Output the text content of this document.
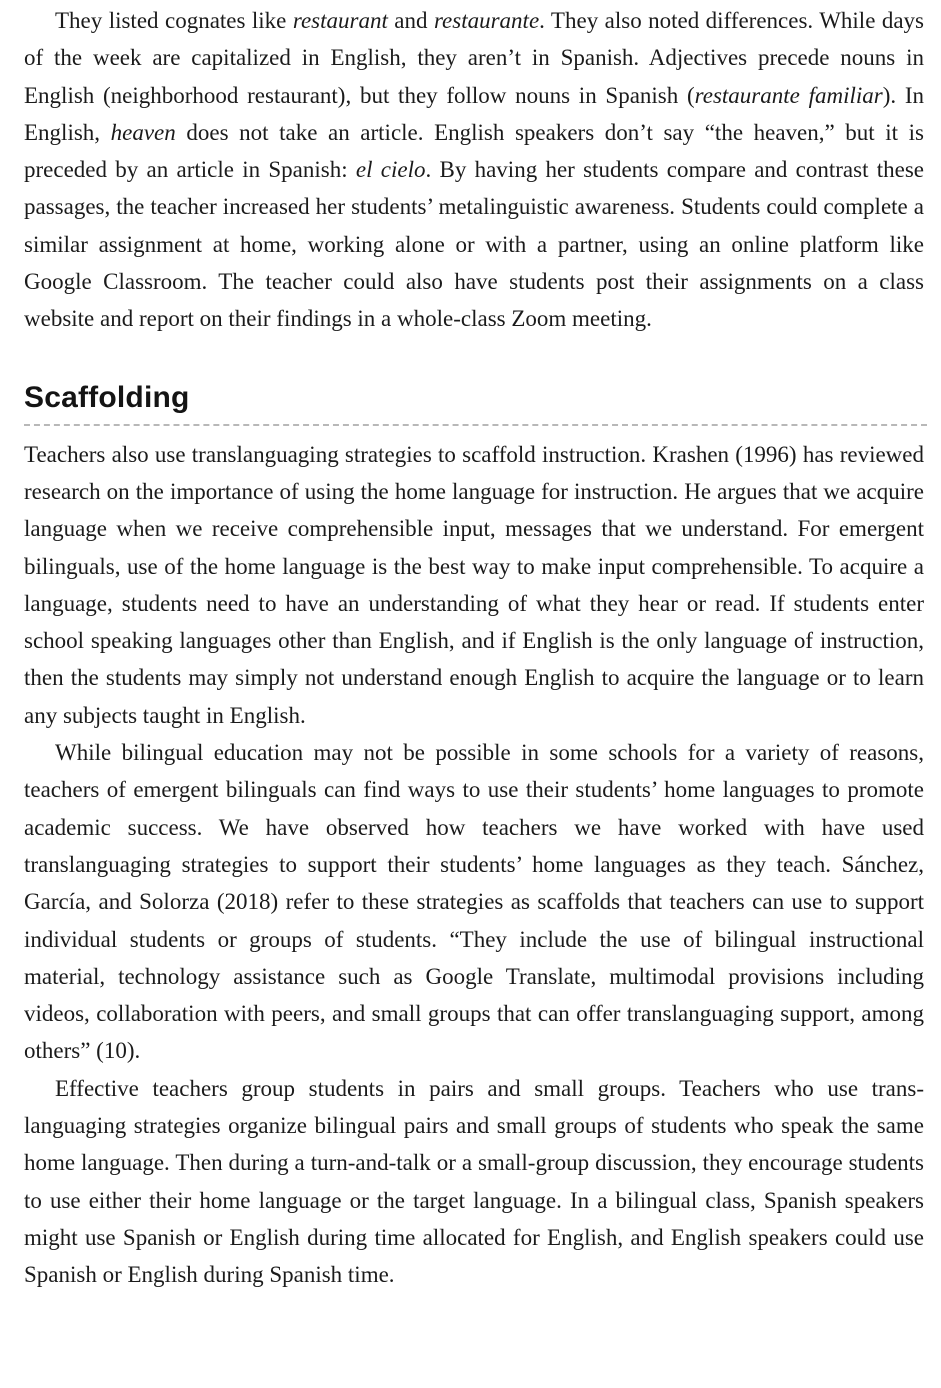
They listed cognates like restaurant and restaurante. They also noted differences. While days of the week are capitalized in English, they aren’t in Spanish. Adjectives precede nouns in English (neighborhood restaurant), but they follow nouns in Spanish (restaurante familiar). In English, heaven does not take an article. English speakers don’t say “the heaven,” but it is preceded by an article in Spanish: el cielo. By having her students compare and contrast these passages, the teacher increased her students’ metalinguistic awareness. Students could complete a similar assignment at home, working alone or with a partner, using an online platform like Google Classroom. The teacher could also have students post their assignments on a class website and report on their findings in a whole-class Zoom meeting.

Scaffolding

Teachers also use translanguaging strategies to scaffold instruction. Krashen (1996) has reviewed research on the importance of using the home language for instruction. He argues that we acquire language when we receive comprehensible input, messages that we understand. For emergent bilinguals, use of the home language is the best way to make input comprehensible. To acquire a language, students need to have an understanding of what they hear or read. If students enter school speaking languages other than English, and if English is the only language of instruction, then the students may simply not understand enough English to acquire the language or to learn any subjects taught in English.

While bilingual education may not be possible in some schools for a variety of reasons, teachers of emergent bilinguals can find ways to use their students’ home languages to promote academic success. We have observed how teachers we have worked with have used translanguaging strategies to support their students’ home languages as they teach. Sánchez, García, and Solorza (2018) refer to these strategies as scaffolds that teachers can use to support individual students or groups of students. “They include the use of bilingual instructional material, technology assistance such as Google Translate, multimodal provisions including videos, collaboration with peers, and small groups that can offer translanguaging support, among others” (10).

Effective teachers group students in pairs and small groups. Teachers who use translanguaging strategies organize bilingual pairs and small groups of students who speak the same home language. Then during a turn-and-talk or a small-group discussion, they encourage students to use either their home language or the target language. In a bilingual class, Spanish speakers might use Spanish or English during time allocated for English, and English speakers could use Spanish or English during Spanish time.
